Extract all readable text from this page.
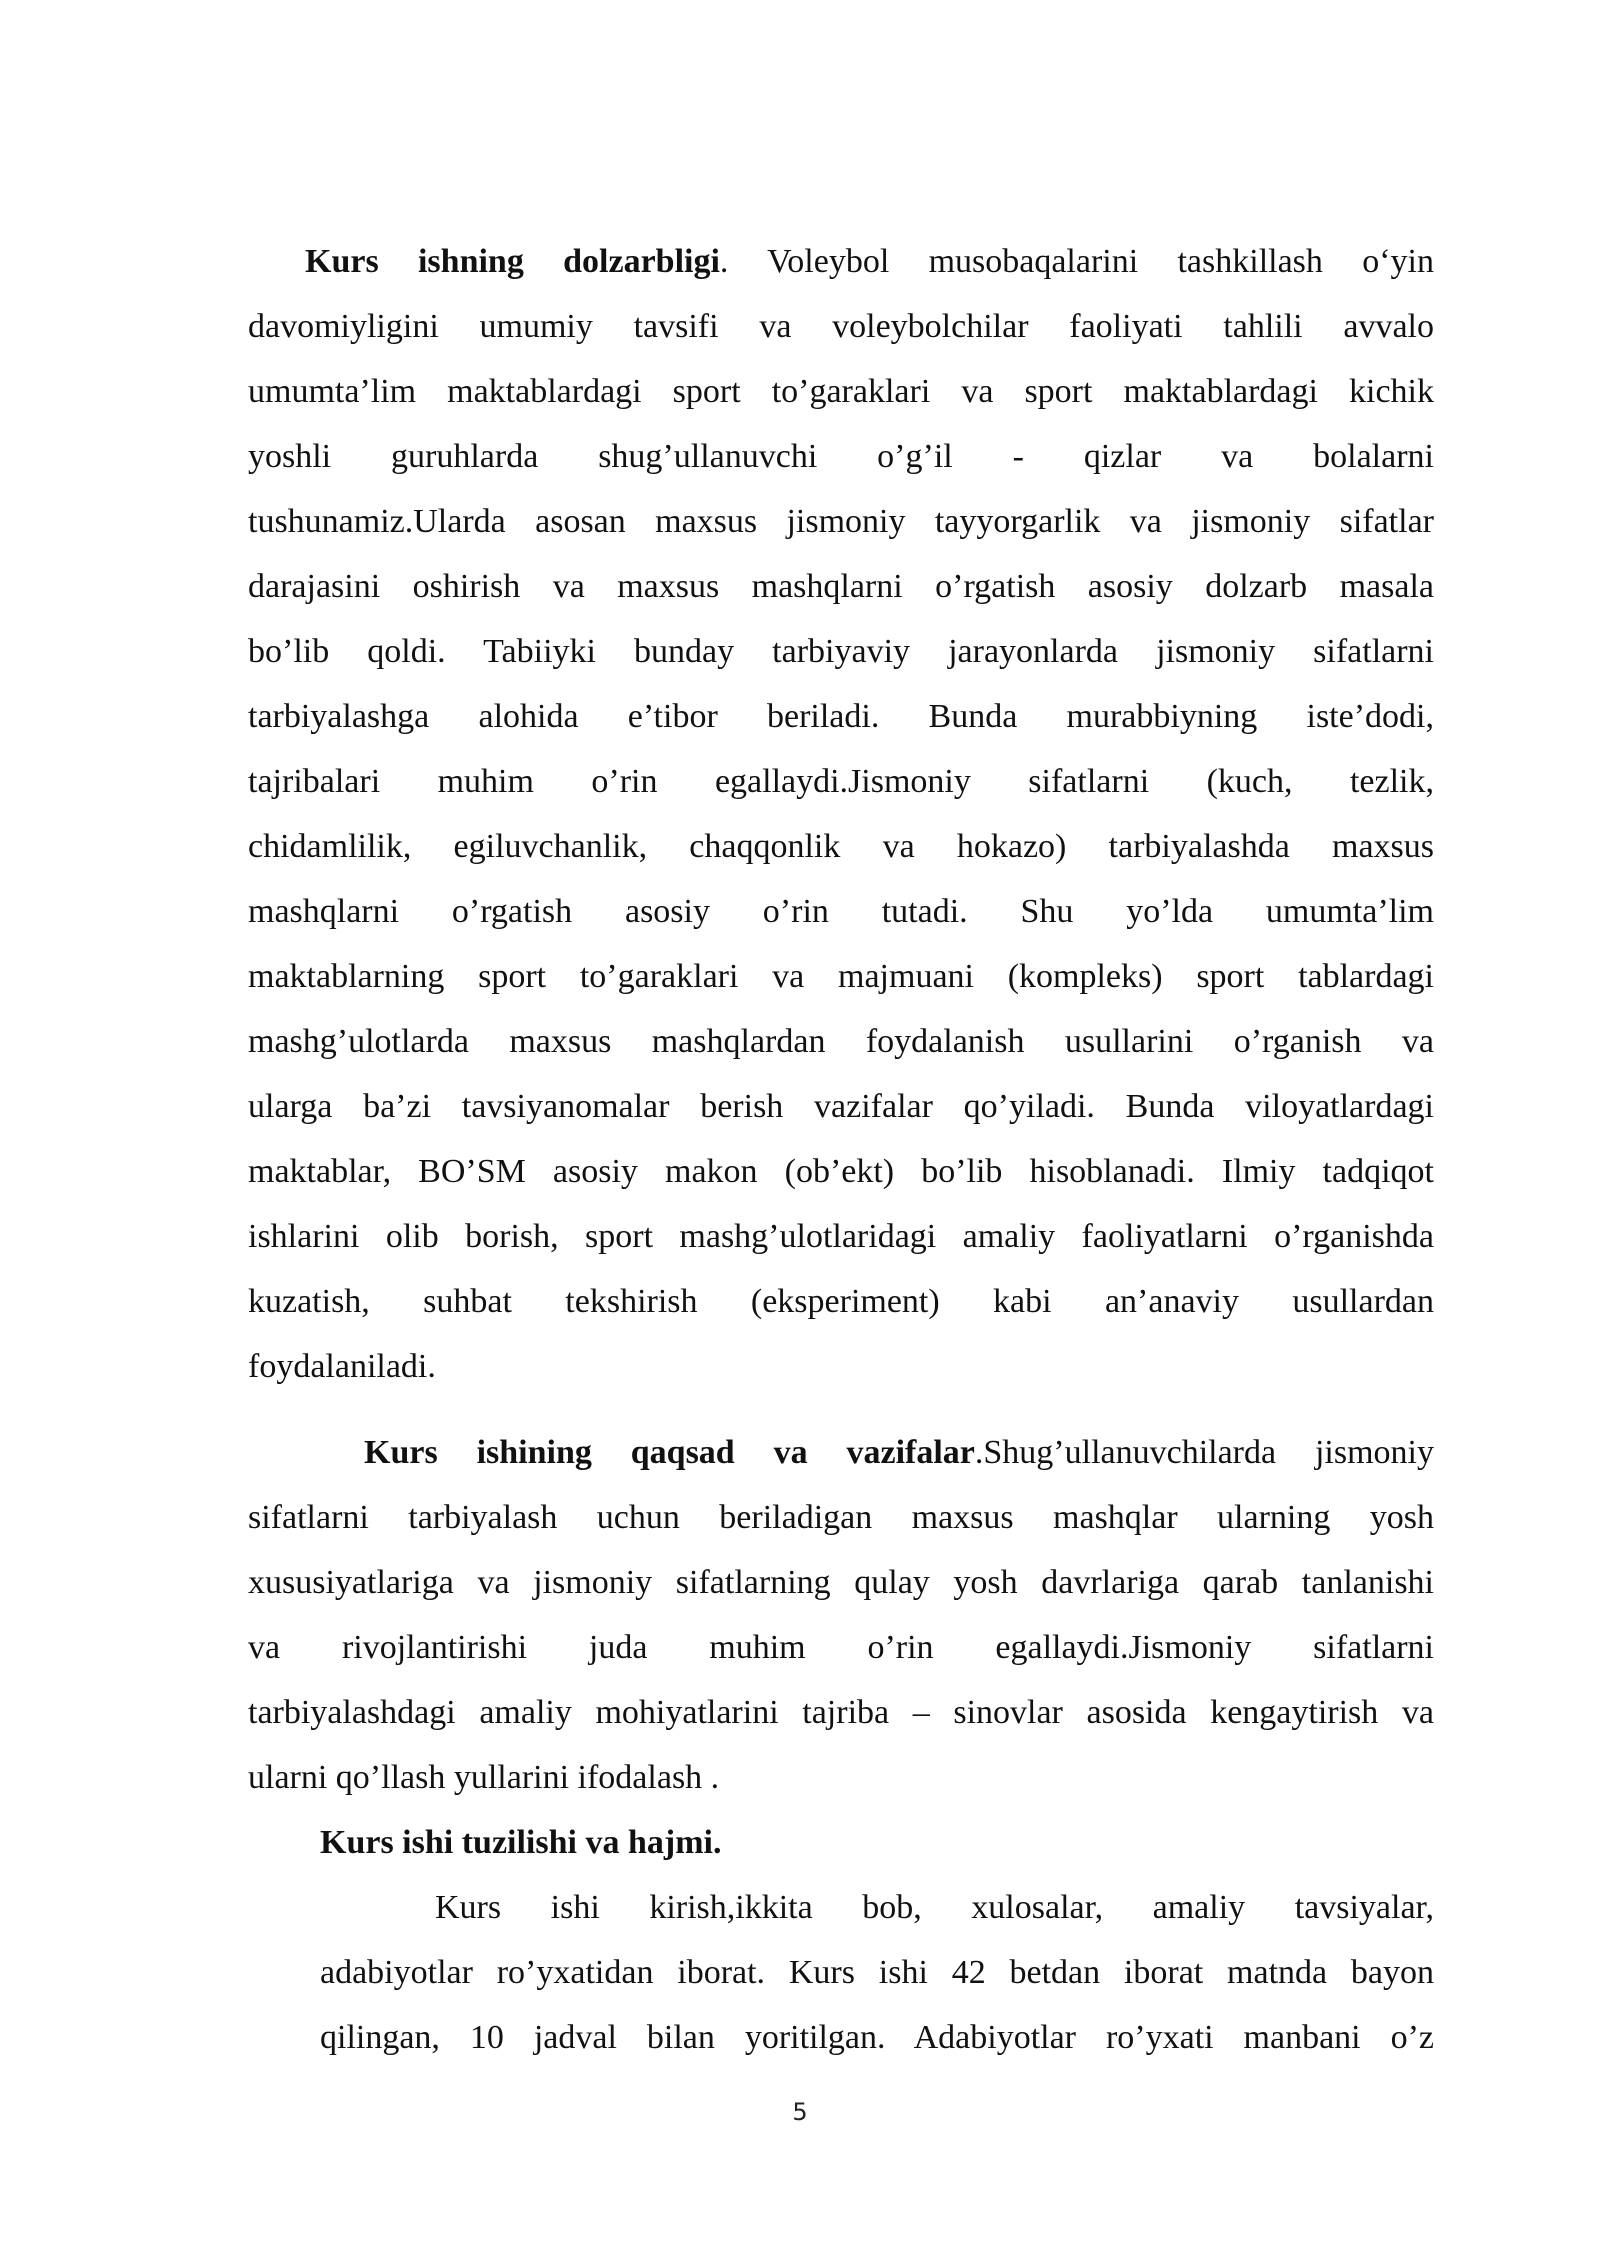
Kurs ishning dolzarbligi. Voleybol musobaqalarini tashkillash o‘yin
davomiyligini umumiy tavsifi va voleybolchilar faoliyati tahlili avvalo
umumta’lim maktablardagi sport to’garaklari va sport maktablardagi kichik
yoshli guruhlarda shug’ullanuvchi o’g’il - qizlar va bolalarni
tushunamiz.Ularda asosan maxsus jismoniy tayyorgarlik va jismoniy sifatlar
darajasini oshirish va maxsus mashqlarni o’rgatish asosiy dolzarb masala
bo’lib qoldi. Tabiiyki bunday tarbiyaviy jarayonlarda jismoniy sifatlarni
tarbiyalashga alohida e’tibor beriladi. Bunda murabbiyning iste’dodi,
tajribalari muhim o’rin egallaydi.Jismoniy sifatlarni (kuch, tezlik,
chidamlilik, egiluvchanlik, chaqqonlik va hokazo) tarbiyalashda maxsus
mashqlarni o’rgatish asosiy o’rin tutadi. Shu yo’lda umumta’lim
maktablarning sport to’garaklari va majmuani (kompleks) sport tablardagi
mashg’ulotlarda maxsus mashqlardan foydalanish usullarini o’rganish va
ularga ba’zi tavsiyanomalar berish vazifalar qo’yiladi. Bunda viloyatlardagi
maktablar, BO’SM asosiy makon (ob’ekt) bo’lib hisoblanadi. Ilmiy tadqiqot
ishlarini olib borish, sport mashg’ulotlaridagi amaliy faoliyatlarni o’rganishda
kuzatish, suhbat tekshirish (eksperiment) kabi an’anaviy usullardan
foydalaniladi.
Kurs ishining qaqsad va vazifalar.Shug’ullanuvchilarda jismoniy
sifatlarni tarbiyalash uchun beriladigan maxsus mashqlar ularning yosh
xususiyatlariga va jismoniy sifatlarning qulay yosh davrlariga qarab tanlanishi
va rivojlantirishi juda muhim o’rin egallaydi.Jismoniy sifatlarni
tarbiyalashdagi amaliy mohiyatlarini tajriba – sinovlar asosida kengaytirish va
ularni qo’llash yullarini ifodalash .
Kurs ishi tuzilishi va hajmi.
Kurs ishi kirish,ikkita bob, xulosalar, amaliy tavsiyalar,
adabiyotlar ro’yxatidan iborat. Kurs ishi 42 betdan iborat matnda bayon
qilingan, 10 jadval bilan yoritilgan. Adabiyotlar ro’yxati manbani o’z
5
